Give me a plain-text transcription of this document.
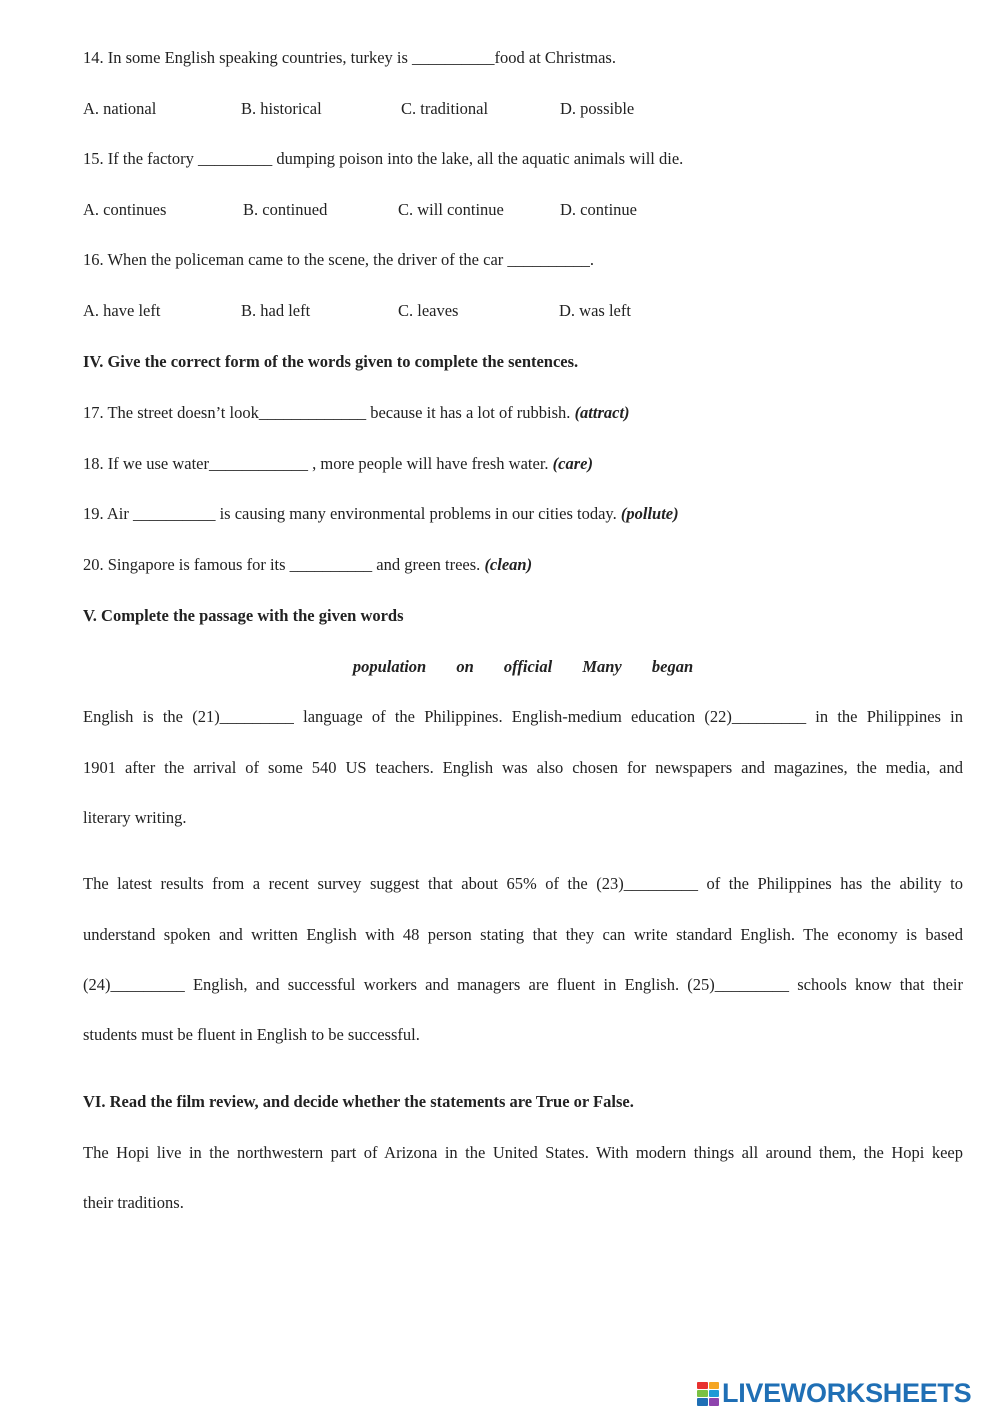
14. In some English speaking countries, turkey is __________food at Christmas.
A. national	B. historical	C. traditional	D. possible
15. If the factory _________ dumping poison into the lake, all the aquatic animals will die.
A. continues	B. continued	C. will continue	D. continue
16. When the policeman came to the scene, the driver of the car __________.
A. have left	B. had left	C. leaves	D. was left
IV. Give the correct form of the words given to complete the sentences.
17. The street doesn’t look_____________ because it has a lot of rubbish. (attract)
18. If we use water____________ , more people will have fresh water. (care)
19. Air __________ is causing many environmental problems in our cities today. (pollute)
20. Singapore is famous for its __________ and green trees. (clean)
V. Complete the passage with the given words
population on official Many began
English is the (21)_________ language of the Philippines. English-medium education (22)_________ in the Philippines in
1901 after the arrival of some 540 US teachers. English was also chosen for newspapers and magazines, the media, and
literary writing.
The latest results from a recent survey suggest that about 65% of the (23)_________ of the Philippines has the ability to
understand spoken and written English with 48 person stating that they can write standard English. The economy is based
(24)_________ English, and successful workers and managers are fluent in English. (25)_________ schools know that their
students must be fluent in English to be successful.
VI. Read the film review, and decide whether the statements are True or False.
The Hopi live in the northwestern part of Arizona in the United States. With modern things all around them, the Hopi keep
their traditions.
LIVEWORKSHEETS
